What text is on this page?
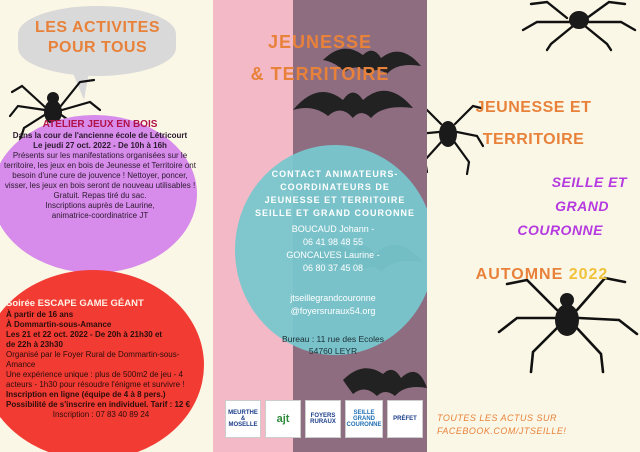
LES ACTIVITES
POUR TOUS
ATELIER JEUX EN BOIS
Dans la cour de l'ancienne école de Létricourt
Le jeudi 27 oct. 2022 - De 10h à 16h
Présents sur les manifestations organisées sur le territoire, les jeux en bois de Jeunesse et Territoire ont besoin d'une cure de jouvence ! Nettoyer, poncer, visser, les jeux en bois seront de nouveau utilisables !
Gratuit. Repas tiré du sac.
Inscriptions auprès de Laurine,
animatrice-coordinatrice JT
Soirée ESCAPE GAME GÉANT
À partir de 16 ans
À Dommartin-sous-Amance
Les 21 et 22 oct. 2022 - De 20h à 21h30 et
de 22h à 23h30
Organisé par le Foyer Rural de Dommartin-sous-Amance
Une expérience unique : plus de 500m2 de jeu - 4 acteurs - 1h30 pour résoudre l'énigme et survivre !
Inscription en ligne (équipe de 4 à 8 pers.)
Possibilité de s'inscrire en individuel. Tarif : 12 €
Inscription : 07 83 40 89 24
JEUNESSE
& TERRITOIRE
CONTACT ANIMATEURS-
COORDINATEURS DE
JEUNESSE ET TERRITOIRE
SEILLE ET GRAND COURONNE
BOUCAUD Johann -
06 41 98 48 55
GONCALVES Laurine -
06 80 37 45 08
jtseillegrandcouronne
@foyersruraux54.org
Bureau : 11 rue des Ecoles
54760 LEYR
MEURTHE & MOSELLE	ajt	FOYERS RURAUX
SEILLE GRAND COURONNE
PRÉFET
JEUNESSE ET
TERRITOIRE
SEILLE ET
GRAND
COURONNE
AUTOMNE 2022
TOUTES LES ACTUS SUR
FACEBOOK.COM/JTSEILLE!
